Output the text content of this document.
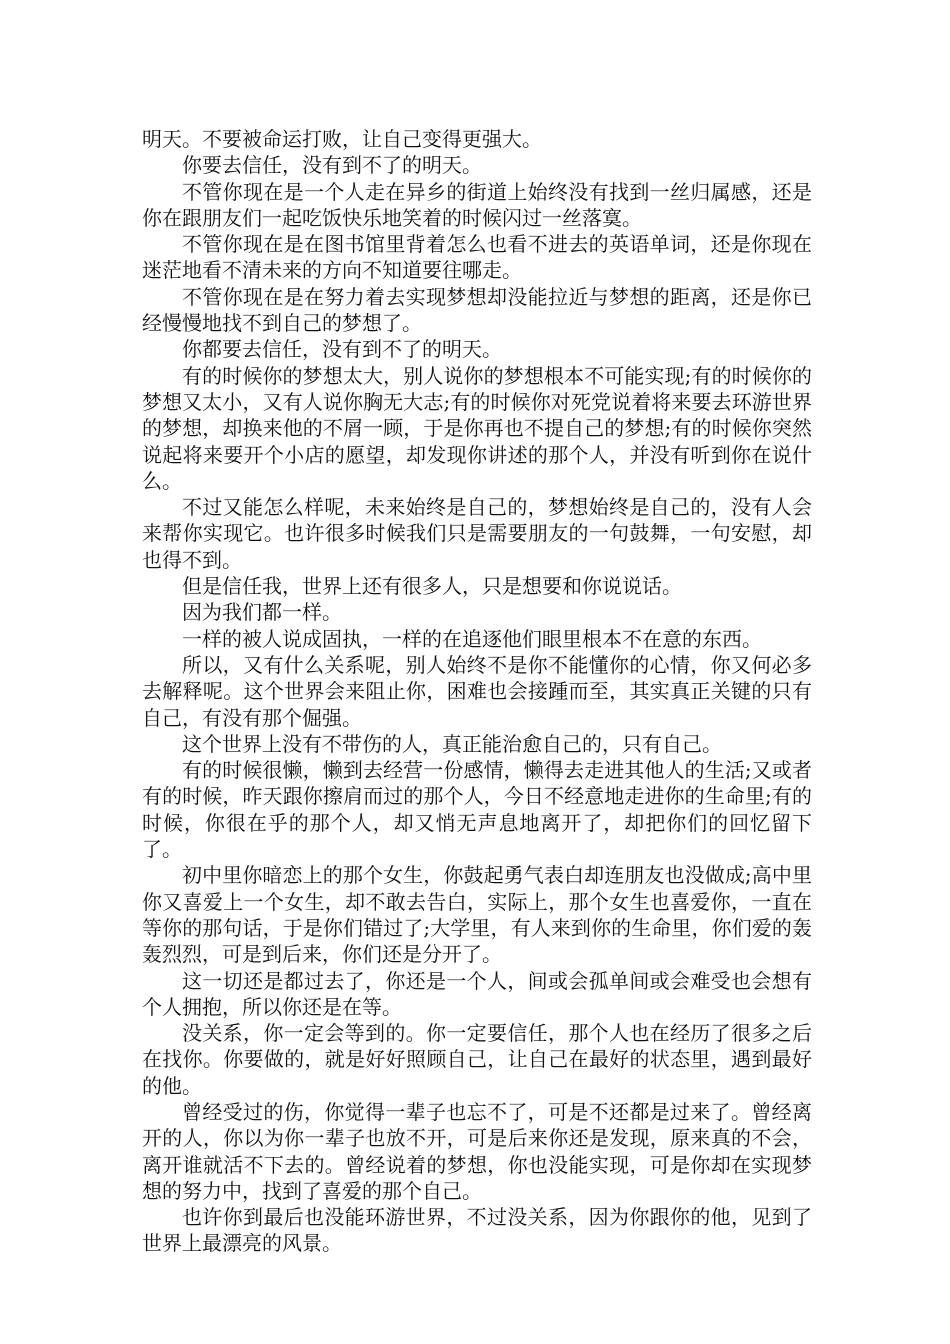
明天。不要被命运打败，让自己变得更强大。

你要去信任，没有到不了的明天。

不管你现在是一个人走在异乡的街道上始终没有找到一丝归属感，还是你在跟朋友们一起吃饭快乐地笑着的时候闪过一丝落寞。

不管你现在是在图书馆里背着怎么也看不进去的英语单词，还是你现在迷茫地看不清未来的方向不知道要往哪走。

不管你现在是在努力着去实现梦想却没能拉近与梦想的距离，还是你已经慢慢地找不到自己的梦想了。

你都要去信任，没有到不了的明天。

有的时候你的梦想太大，别人说你的梦想根本不可能实现;有的时候你的梦想又太小，又有人说你胸无大志;有的时候你对死党说着将来要去环游世界的梦想，却换来他的不屑一顾，于是你再也不提自己的梦想;有的时候你突然说起将来要开个小店的愿望，却发现你讲述的那个人，并没有听到你在说什么。

不过又能怎么样呢，未来始终是自己的，梦想始终是自己的，没有人会来帮你实现它。也许很多时候我们只是需要朋友的一句鼓舞，一句安慰，却也得不到。

但是信任我，世界上还有很多人，只是想要和你说说话。

因为我们都一样。

一样的被人说成固执，一样的在追逐他们眼里根本不在意的东西。

所以，又有什么关系呢，别人始终不是你不能懂你的心情，你又何必多去解释呢。这个世界会来阻止你，困难也会接踵而至，其实真正关键的只有自己，有没有那个倔强。

这个世界上没有不带伤的人，真正能治愈自己的，只有自己。

有的时候很懒，懒到去经营一份感情，懒得去走进其他人的生活;又或者有的时候，昨天跟你擦肩而过的那个人，今日不经意地走进你的生命里;有的时候，你很在乎的那个人，却又悄无声息地离开了，却把你们的回忆留下了。

初中里你暗恋上的那个女生，你鼓起勇气表白却连朋友也没做成;高中里你又喜爱上一个女生，却不敢去告白，实际上，那个女生也喜爱你，一直在等你的那句话，于是你们错过了;大学里，有人来到你的生命里，你们爱的轰轰烈烈，可是到后来，你们还是分开了。

这一切还是都过去了，你还是一个人，间或会孤单间或会难受也会想有个人拥抱，所以你还是在等。

没关系，你一定会等到的。你一定要信任，那个人也在经历了很多之后在找你。你要做的，就是好好照顾自己，让自己在最好的状态里，遇到最好的他。

曾经受过的伤，你觉得一辈子也忘不了，可是不还都是过来了。曾经离开的人，你以为你一辈子也放不开，可是后来你还是发现，原来真的不会，离开谁就活不下去的。曾经说着的梦想，你也没能实现，可是你却在实现梦想的努力中，找到了喜爱的那个自己。

也许你到最后也没能环游世界，不过没关系，因为你跟你的他，见到了世界上最漂亮的风景。
